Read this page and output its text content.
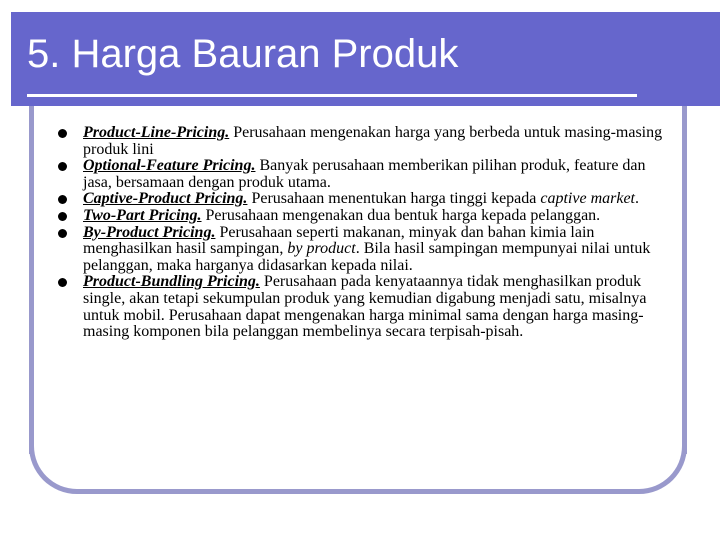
5. Harga Bauran Produk
Product-Line-Pricing. Perusahaan mengenakan harga yang berbeda untuk masing-masing produk lini
Optional-Feature Pricing. Banyak perusahaan memberikan pilihan produk, feature dan jasa, bersamaan dengan produk utama.
Captive-Product Pricing. Perusahaan menentukan harga tinggi kepada captive market.
Two-Part Pricing. Perusahaan mengenakan dua bentuk harga kepada pelanggan.
By-Product Pricing. Perusahaan seperti makanan, minyak dan bahan kimia lain menghasilkan hasil sampingan, by product. Bila hasil sampingan mempunyai nilai untuk pelanggan, maka harganya didasarkan kepada nilai.
Product-Bundling Pricing. Perusahaan pada kenyataannya tidak menghasilkan produk single, akan tetapi sekumpulan produk yang kemudian digabung menjadi satu, misalnya untuk mobil. Perusahaan dapat mengenakan harga minimal sama dengan harga masing-masing komponen bila pelanggan membelinya secara terpisah-pisah.
